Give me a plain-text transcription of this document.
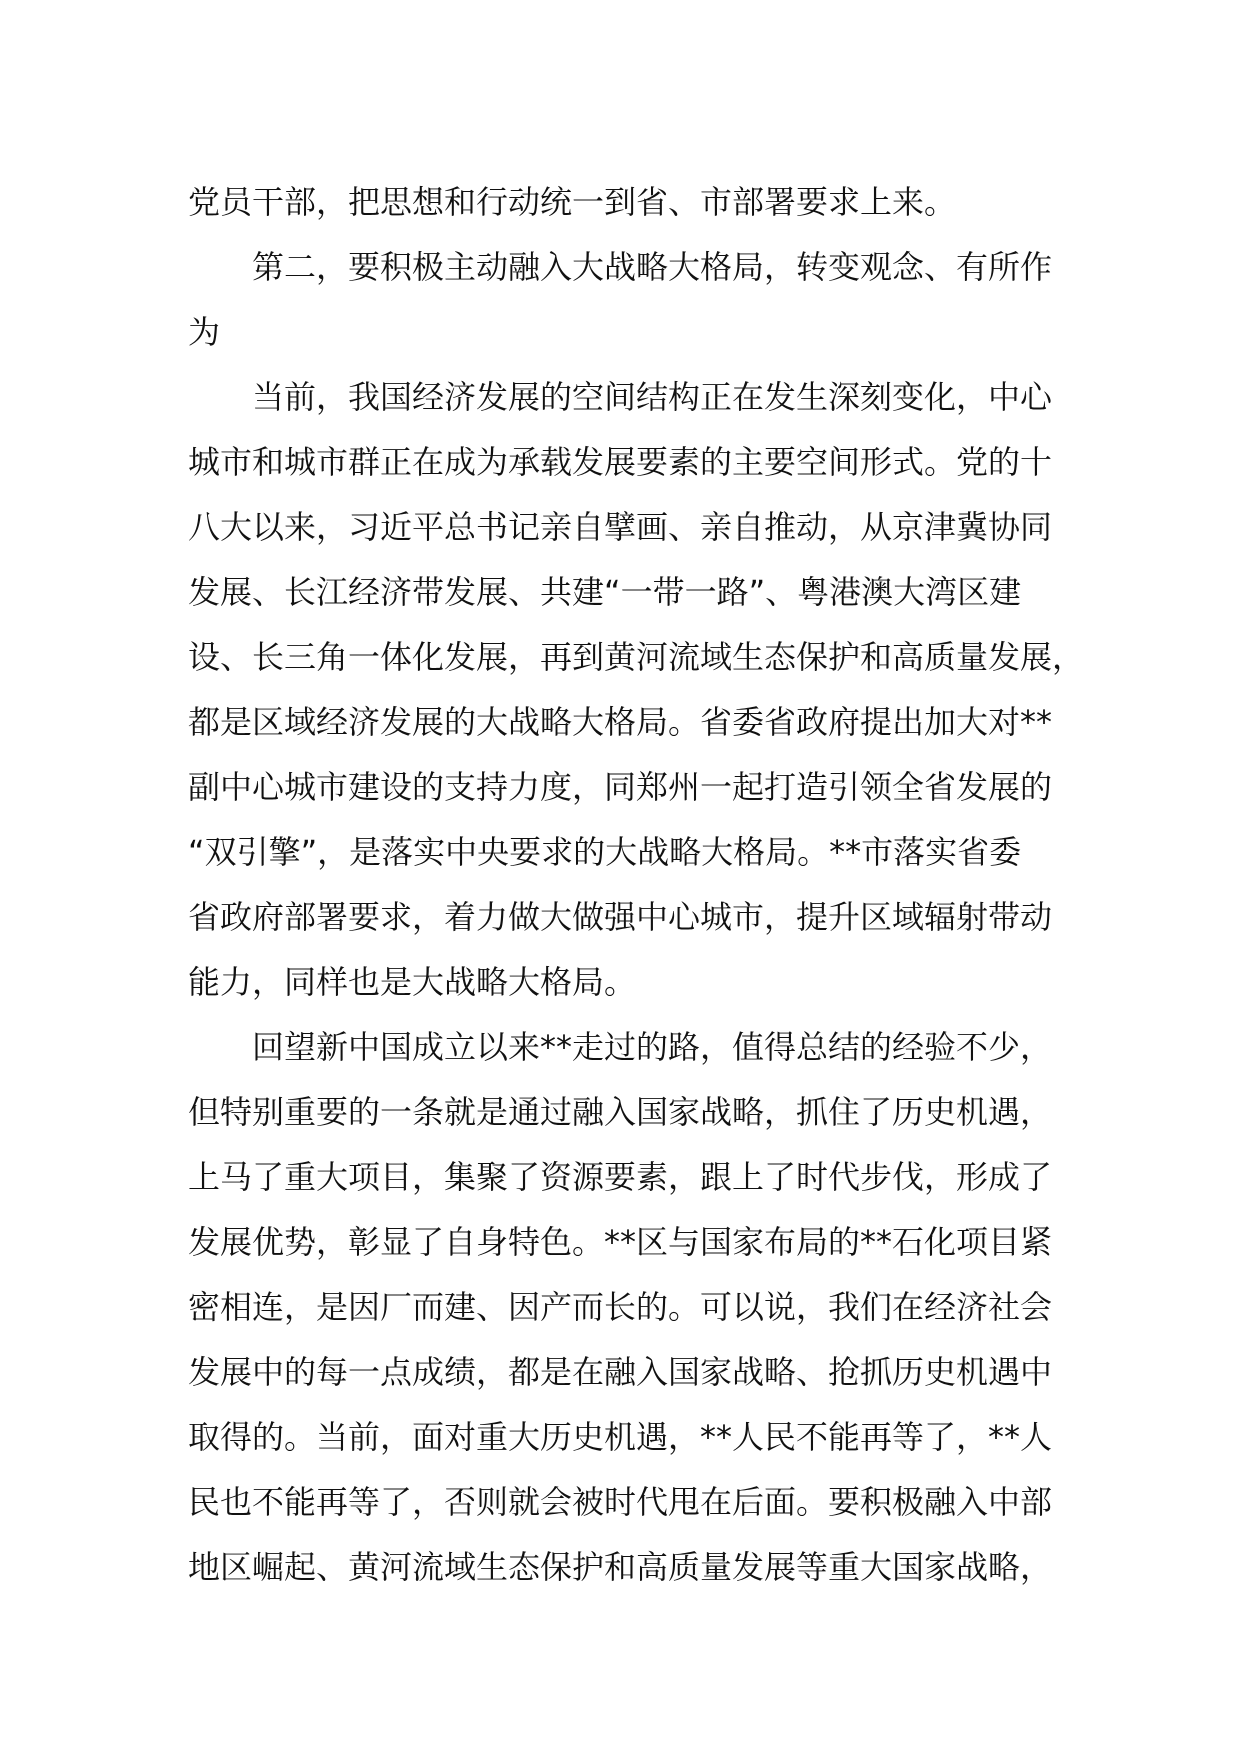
党员干部，把思想和行动统一到省、市部署要求上来。
第二，要积极主动融入大战略大格局，转变观念、有所作
为
当前，我国经济发展的空间结构正在发生深刻变化，中心
城市和城市群正在成为承载发展要素的主要空间形式。党的十
八大以来，习近平总书记亲自擘画、亲自推动，从京津冀协同
发展、长江经济带发展、共建“一带一路”、粤港澳大湾区建
设、长三角一体化发展，再到黄河流域生态保护和高质量发展，
都是区域经济发展的大战略大格局。省委省政府提出加大对**
副中心城市建设的支持力度，同郑州一起打造引领全省发展的
“双引擎”，是落实中央要求的大战略大格局。**市落实省委
省政府部署要求，着力做大做强中心城市，提升区域辐射带动
能力，同样也是大战略大格局。
回望新中国成立以来**走过的路，值得总结的经验不少，
但特别重要的一条就是通过融入国家战略，抓住了历史机遇，
上马了重大项目，集聚了资源要素，跟上了时代步伐，形成了
发展优势，彰显了自身特色。**区与国家布局的**石化项目紧
密相连，是因厂而建、因产而长的。可以说，我们在经济社会
发展中的每一点成绩，都是在融入国家战略、抢抓历史机遇中
取得的。当前，面对重大历史机遇，**人民不能再等了，**人
民也不能再等了，否则就会被时代甩在后面。要积极融入中部
地区崛起、黄河流域生态保护和高质量发展等重大国家战略，
